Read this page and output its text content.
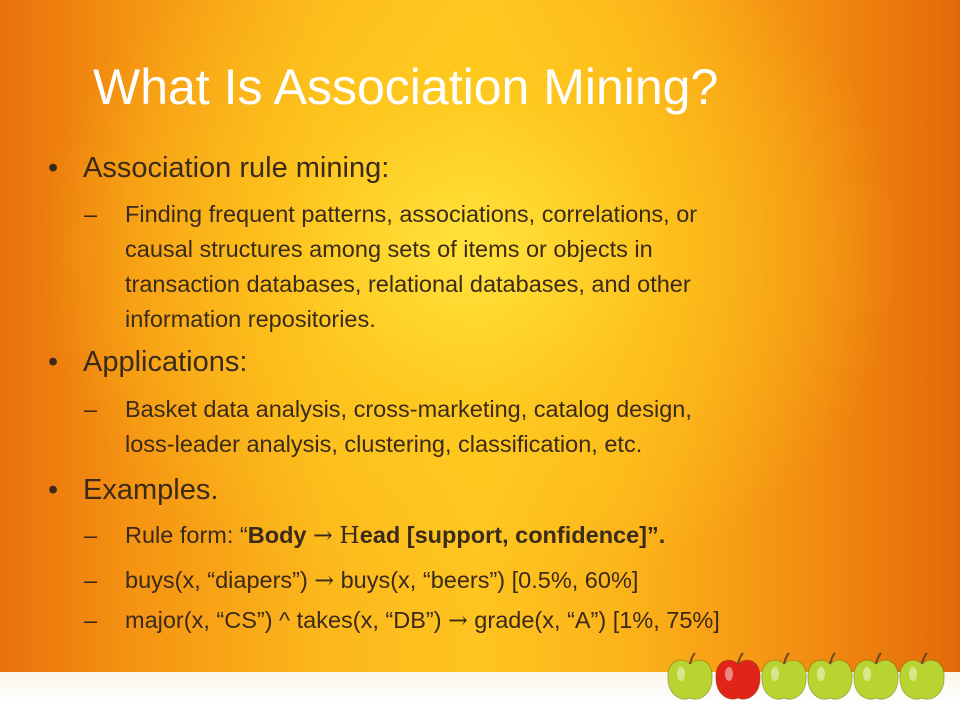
What Is Association Mining?
• Association rule mining:
– Finding frequent patterns, associations, correlations, or
causal structures among sets of items or objects in
transaction databases, relational databases, and other
information repositories.
• Applications:
– Basket data analysis, cross-marketing, catalog design,
loss-leader analysis, clustering, classification, etc.
• Examples.
– Rule form: “Body → Head [support, confidence]”.
– buys(x, “diapers”) → buys(x, “beers”) [0.5%, 60%]
– major(x, “CS”) ^ takes(x, “DB”) → grade(x, “A”) [1%, 75%]
